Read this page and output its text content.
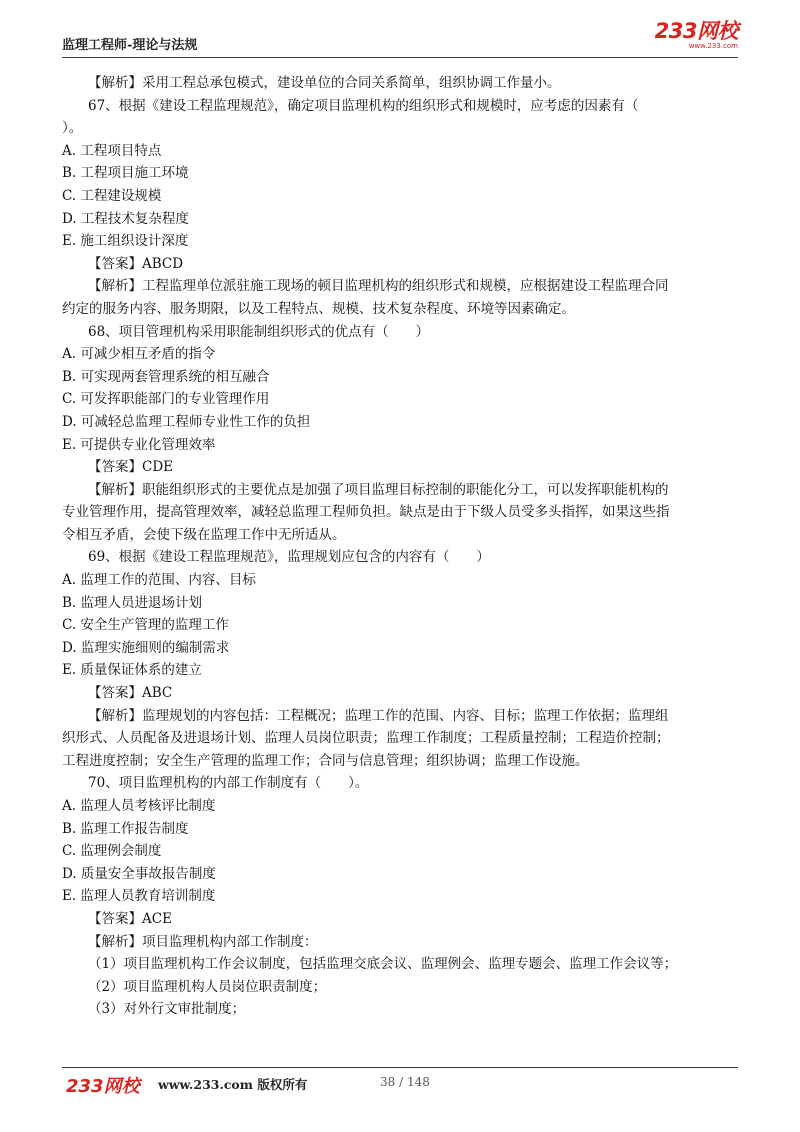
监理工程师-理论与法规
233网校
www.233.com

【解析】采用工程总承包模式，建设单位的合同关系简单，组织协调工作量小。

67、根据《建设工程监理规范》，确定项目监理机构的组织形式和规模时，应考虑的因素有（

）。

A. 工程项目特点

B. 工程项目施工环境

C. 工程建设规模

D. 工程技术复杂程度

E. 施工组织设计深度

【答案】ABCD

【解析】工程监理单位派驻施工现场的顿目监理机构的组织形式和规模，应根据建设工程监理合同

约定的服务内容、服务期限，以及工程特点、规模、技术复杂程度、环境等因素确定。

68、项目管理机构采用职能制组织形式的优点有（　　）

A. 可减少相互矛盾的指令

B. 可实现两套管理系统的相互融合

C. 可发挥职能部门的专业管理作用

D. 可减轻总监理工程师专业性工作的负担

E. 可提供专业化管理效率

【答案】CDE

【解析】职能组织形式的主要优点是加强了项目监理目标控制的职能化分工，可以发挥职能机构的

专业管理作用，提高管理效率，减轻总监理工程师负担。缺点是由于下级人员受多头指挥，如果这些指

令相互矛盾，会使下级在监理工作中无所适从。

69、根据《建设工程监理规范》，监理规划应包含的内容有（　　）

A. 监理工作的范围、内容、目标

B. 监理人员进退场计划

C. 安全生产管理的监理工作

D. 监理实施细则的编制需求

E. 质量保证体系的建立

【答案】ABC

【解析】监理规划的内容包括：工程概况；监理工作的范围、内容、目标；监理工作依据；监理组

织形式、人员配备及进退场计划、监理人员岗位职责；监理工作制度；工程质量控制；工程造价控制；

工程进度控制；安全生产管理的监理工作；合同与信息管理；组织协调；监理工作设施。

70、项目监理机构的内部工作制度有（　　）。

A. 监理人员考核评比制度

B. 监理工作报告制度

C. 监理例会制度

D. 质量安全事故报告制度

E. 监理人员教育培训制度

【答案】ACE

【解析】项目监理机构内部工作制度：

（1）项目监理机构工作会议制度，包括监理交底会议、监理例会、监理专题会、监理工作会议等；

（2）项目监理机构人员岗位职责制度；

（3）对外行文审批制度；

233网校 www.233.com 版权所有	38 / 148
